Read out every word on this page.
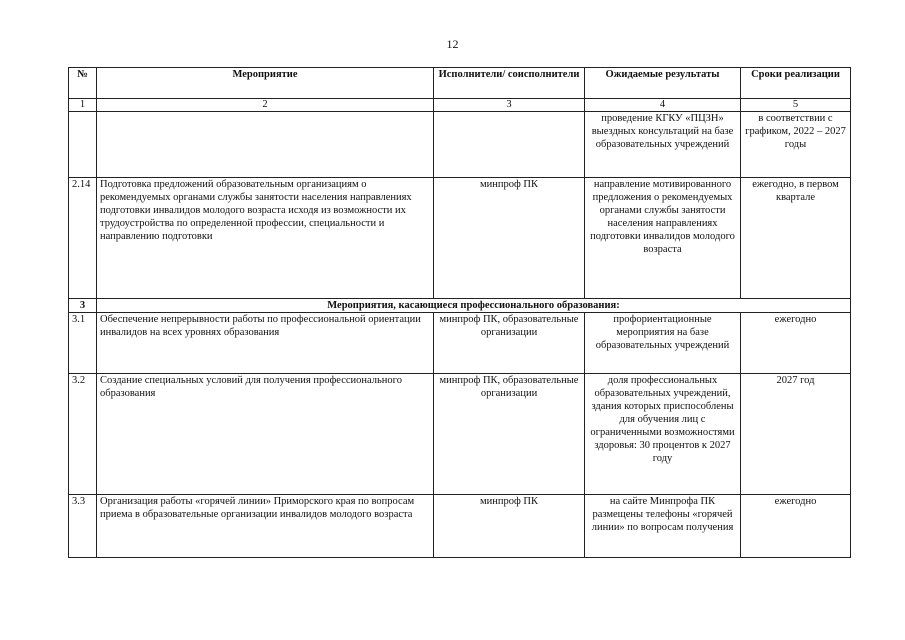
12
№	Мероприятие	Исполнители/ соисполнители	Ожидаемые результаты	Сроки реализации
1	2	3	4	5
			проведение КГКУ «ПЦЗН» выездных консультаций на базе образовательных учреждений	в соответствии с графиком, 2022 – 2027 годы
2.14	Подготовка предложений образовательным организациям о рекомендуемых органами службы занятости населения направлениях подготовки инвалидов молодого возраста исходя из возможности их трудоустройства по определенной профессии, специальности и направлению подготовки	минпроф ПК	направление мотивированного предложения о рекомендуемых органами службы занятости населения направлениях подготовки инвалидов молодого возраста	ежегодно, в первом квартале
3	Мероприятия, касающиеся профессионального образования:			
3.1	Обеспечение непрерывности работы по профессиональной ориентации инвалидов на всех уровнях образования	минпроф ПК, образовательные организации	профориентационные мероприятия на базе образовательных учреждений	ежегодно
3.2	Создание специальных условий для получения профессионального образования	минпроф ПК, образовательные организации	доля профессиональных образовательных учреждений, здания которых приспособлены для обучения лиц с ограниченными возможностями здоровья: 30 процентов к 2027 году	2027 год
3.3	Организация работы «горячей линии» Приморского края по вопросам приема в образовательные организации инвалидов молодого возраста	минпроф ПК	на сайте Минпрофа ПК размещены телефоны «горячей линии» по вопросам получения	ежегодно
